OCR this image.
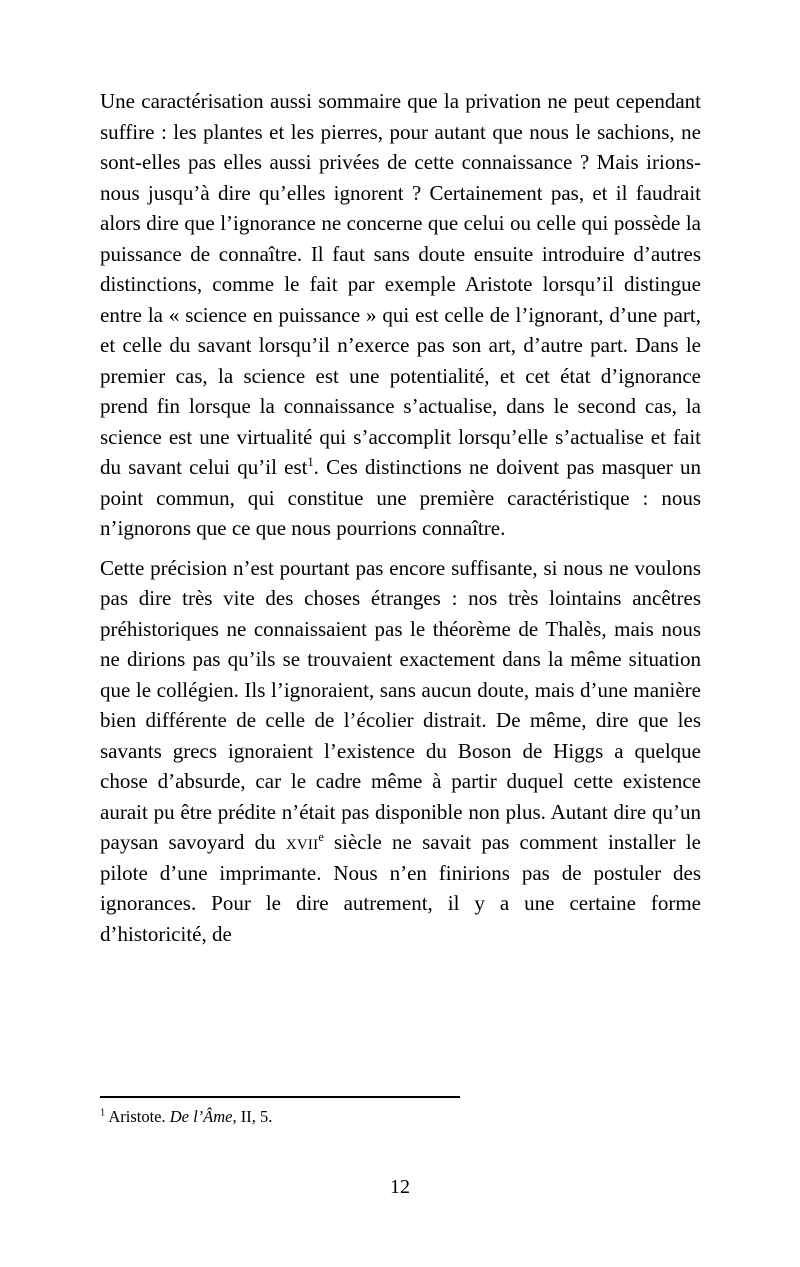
Une caractérisation aussi sommaire que la privation ne peut cependant suffire : les plantes et les pierres, pour autant que nous le sachions, ne sont-elles pas elles aussi privées de cette connaissance ? Mais irions-nous jusqu’à dire qu’elles ignorent ? Certainement pas, et il faudrait alors dire que l’ignorance ne concerne que celui ou celle qui possède la puissance de connaître. Il faut sans doute ensuite introduire d’autres distinctions, comme le fait par exemple Aristote lorsqu’il distingue entre la « science en puissance » qui est celle de l’ignorant, d’une part, et celle du savant lorsqu’il n’exerce pas son art, d’autre part. Dans le premier cas, la science est une potentialité, et cet état d’ignorance prend fin lorsque la connaissance s’actualise, dans le second cas, la science est une virtualité qui s’accomplit lorsqu’elle s’actualise et fait du savant celui qu’il est$^1$. Ces distinctions ne doivent pas masquer un point commun, qui constitue une première caractéristique : nous n’ignorons que ce que nous pourrions connaître.

Cette précision n’est pourtant pas encore suffisante, si nous ne voulons pas dire très vite des choses étranges : nos très lointains ancêtres préhistoriques ne connaissaient pas le théorème de Thalès, mais nous ne dirions pas qu’ils se trouvaient exactement dans la même situation que le collégien. Ils l’ignoraient, sans aucun doute, mais d’une manière bien différente de celle de l’écolier distrait. De même, dire que les savants grecs ignoraient l’existence du Boson de Higgs a quelque chose d’absurde, car le cadre même à partir duquel cette existence aurait pu être prédite n’était pas disponible non plus. Autant dire qu’un paysan savoyard du xvii$^e$ siècle ne savait pas comment installer le pilote d’une imprimante. Nous n’en finirions pas de postuler des ignorances. Pour le dire autrement, il y a une certaine forme d’historicité, de

$^1$ Aristote. De l’Âme, II, 5.

12
